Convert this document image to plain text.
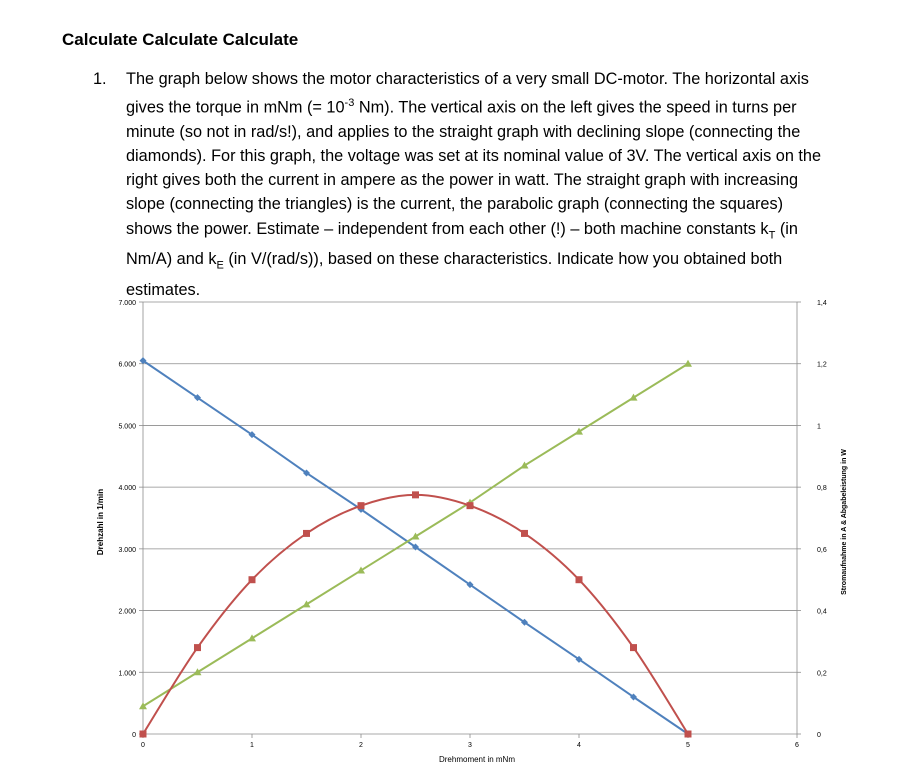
Calculate Calculate Calculate
1. The graph below shows the motor characteristics of a very small DC-motor. The horizontal axis gives the torque in mNm (= $10^{-3}$ Nm). The vertical axis on the left gives the speed in turns per minute (so not in rad/s!), and applies to the straight graph with declining slope (connecting the diamonds). For this graph, the voltage was set at its nominal value of 3V. The vertical axis on the right gives both the current in ampere as the power in watt. The straight graph with increasing slope (connecting the triangles) is the current, the parabolic graph (connecting the squares) shows the power. Estimate – independent from each other (!) – both machine constants $k_T$ (in Nm/A) and $k_E$ (in V/(rad/s)), based on these characteristics. Indicate how you obtained both estimates.
0
1.000
2.000
3.000
4.000
5.000
6.000
7.000
0
0,2
0,4
0,6
0,8
1
1,2
1,4
0	1	2	3	4	5	6
Drehmoment in mNm
Drehzahl in 1/min	Stromaufnahme in A & Abgabeleistung in W
